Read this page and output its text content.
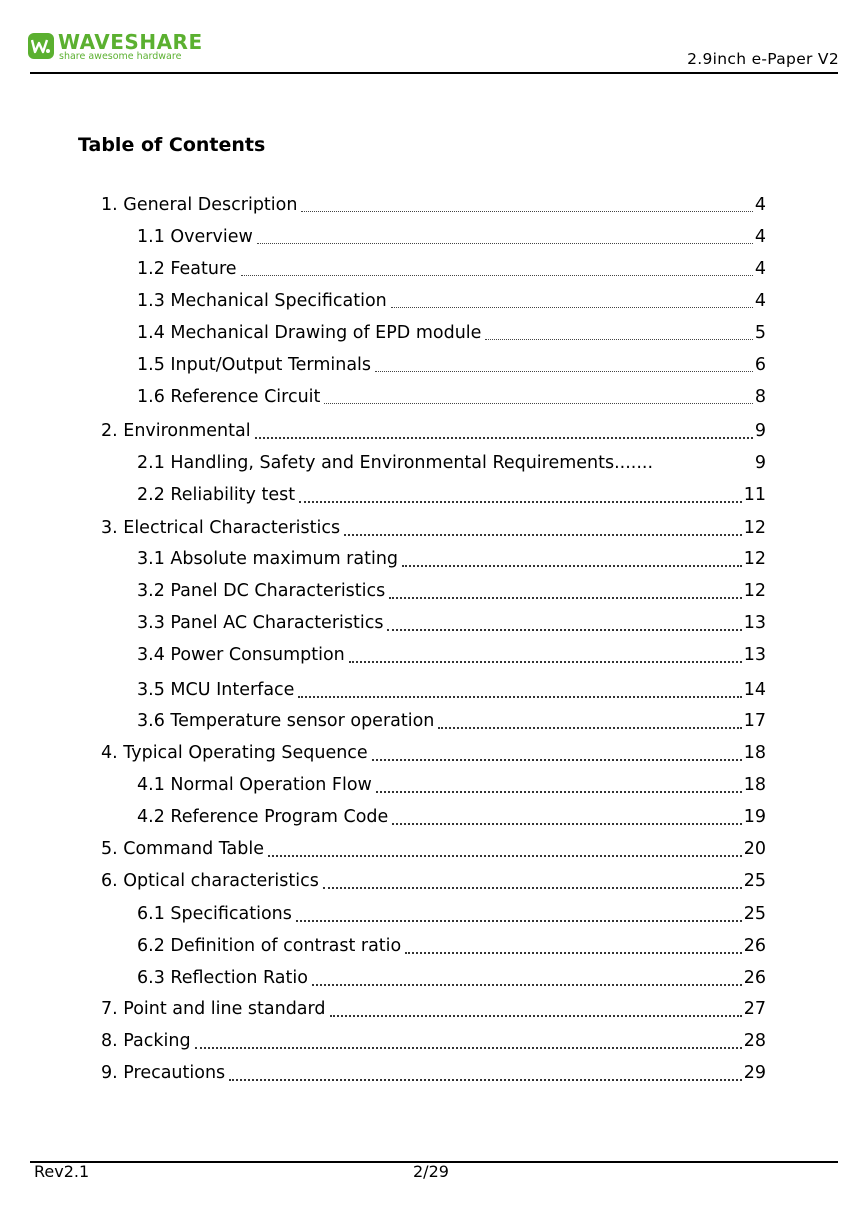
WAVESHARE
share awesome hardware	2.9inch e-Paper V2
Table of Contents
1. General Description	4
1.1 Overview	4
1.2 Feature	4
1.3 Mechanical Specification	4
1.4 Mechanical Drawing of EPD module	5
1.5 Input/Output Terminals	6
1.6 Reference Circuit	8
2. Environmental	9
2.1 Handling, Safety and Environmental Requirements.......	9
2.2 Reliability test	11
3. Electrical Characteristics	12
3.1 Absolute maximum rating	12
3.2 Panel DC Characteristics	12
3.3 Panel AC Characteristics	13
3.4 Power Consumption	13
3.5 MCU Interface	14
3.6 Temperature sensor operation	17
4. Typical Operating Sequence	18
4.1 Normal Operation Flow	18
4.2 Reference Program Code	19
5. Command Table	20
6. Optical characteristics	25
6.1 Specifications	25
6.2 Definition of contrast ratio	26
6.3 Reflection Ratio	26
7. Point and line standard	27
8. Packing	28
9. Precautions	29
Rev2.1	2/29
